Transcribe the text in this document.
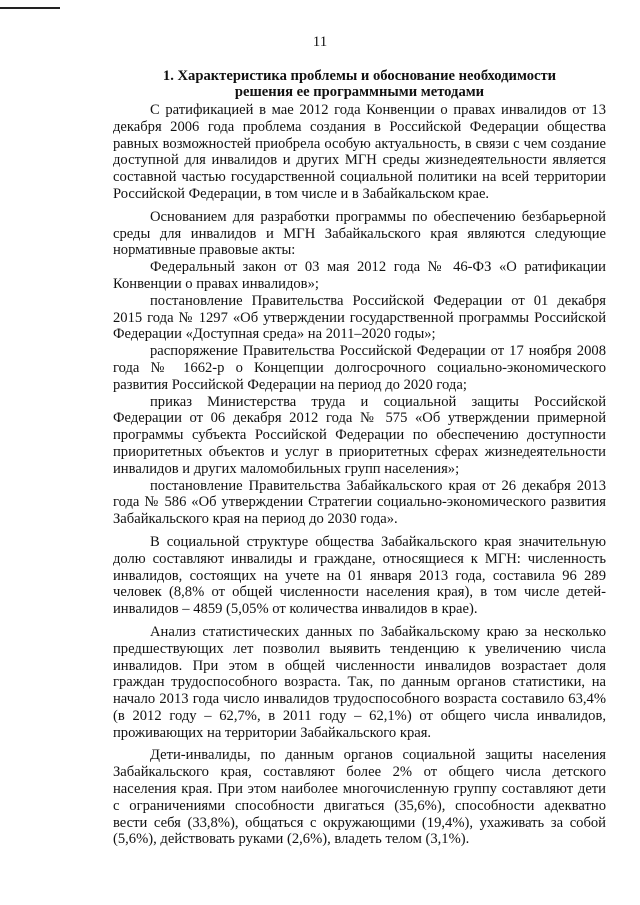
11
1. Характеристика проблемы и обоснование необходимости
решения ее программными методами

С ратификацией в мае 2012 года Конвенции о правах инвалидов от 13 декабря 2006 года проблема создания в Российской Федерации общества равных возможностей приобрела особую актуальность, в связи с чем создание доступной для инвалидов и других МГН среды жизнедеятельности является составной частью государственной социальной политики на всей территории Российской Федерации, в том числе и в Забайкальском крае.

Основанием для разработки программы по обеспечению безбарьерной среды для инвалидов и МГН Забайкальского края являются следующие нормативные правовые акты:

Федеральный закон от 03 мая 2012 года № 46-ФЗ «О ратификации Конвенции о правах инвалидов»;

постановление Правительства Российской Федерации от 01 декабря 2015 года № 1297 «Об утверждении государственной программы Российской Федерации «Доступная среда» на 2011–2020 годы»;

распоряжение Правительства Российской Федерации от 17 ноября 2008 года № 1662-р о Концепции долгосрочного социально-экономического развития Российской Федерации на период до 2020 года;

приказ Министерства труда и социальной защиты Российской Федерации от 06 декабря 2012 года № 575 «Об утверждении примерной программы субъекта Российской Федерации по обеспечению доступности приоритетных объектов и услуг в приоритетных сферах жизнедеятельности инвалидов и других маломобильных групп населения»;

постановление Правительства Забайкальского края от 26 декабря 2013 года № 586 «Об утверждении Стратегии социально-экономического развития Забайкальского края на период до 2030 года».

В социальной структуре общества Забайкальского края значительную долю составляют инвалиды и граждане, относящиеся к МГН: численность инвалидов, состоящих на учете на 01 января 2013 года, составила 96 289 человек (8,8% от общей численности населения края), в том числе детей-инвалидов – 4859 (5,05% от количества инвалидов в крае).

Анализ статистических данных по Забайкальскому краю за несколько предшествующих лет позволил выявить тенденцию к увеличению числа инвалидов. При этом в общей численности инвалидов возрастает доля граждан трудоспособного возраста. Так, по данным органов статистики, на начало 2013 года число инвалидов трудоспособного возраста составило 63,4% (в 2012 году – 62,7%, в 2011 году – 62,1%) от общего числа инвалидов, проживающих на территории Забайкальского края.

Дети-инвалиды, по данным органов социальной защиты населения Забайкальского края, составляют более 2% от общего числа детского населения края. При этом наиболее многочисленную группу составляют дети с ограничениями способности двигаться (35,6%), способности адекватно вести себя (33,8%), общаться с окружающими (19,4%), ухаживать за собой (5,6%), действовать руками (2,6%), владеть телом (3,1%).
